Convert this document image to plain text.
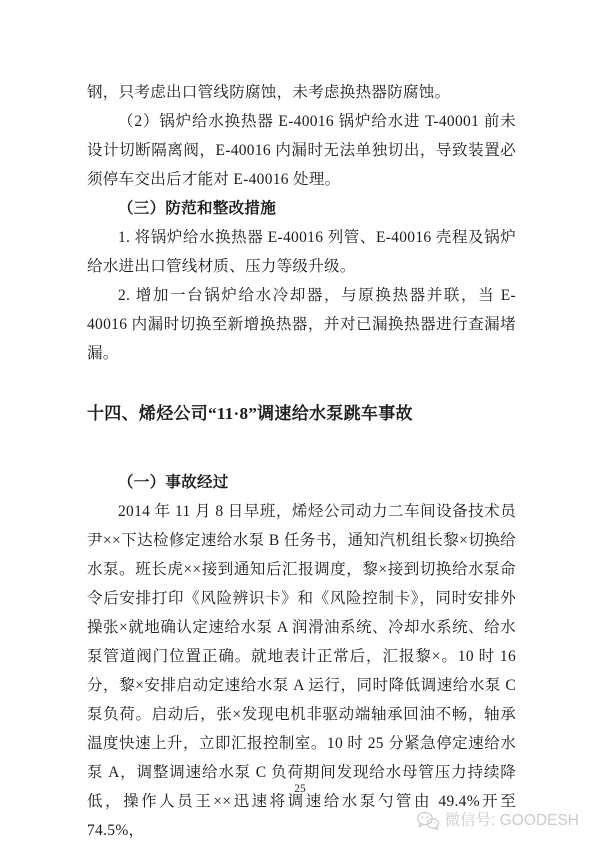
钢，只考虑出口管线防腐蚀，未考虑换热器防腐蚀。

（2）锅炉给水换热器 E-40016 锅炉给水进 T-40001 前未设计切断隔离阀，E-40016 内漏时无法单独切出，导致装置必须停车交出后才能对 E-40016 处理。

（三）防范和整改措施

1. 将锅炉给水换热器 E-40016 列管、E-40016 壳程及锅炉给水进出口管线材质、压力等级升级。

2. 增加一台锅炉给水冷却器，与原换热器并联，当 E-40016 内漏时切换至新增换热器，并对已漏换热器进行查漏堵漏。

十四、烯烃公司“11·8”调速给水泵跳车事故

（一）事故经过

2014 年 11 月 8 日早班，烯烃公司动力二车间设备技术员尹××下达检修定速给水泵 B 任务书，通知汽机组长黎×切换给水泵。班长虎××接到通知后汇报调度，黎×接到切换给水泵命令后安排打印《风险辨识卡》和《风险控制卡》，同时安排外操张×就地确认定速给水泵 A 润滑油系统、冷却水系统、给水泵管道阀门位置正确。就地表计正常后，汇报黎×。10 时 16 分，黎×安排启动定速给水泵 A 运行，同时降低调速给水泵 C 泵负荷。启动后，张×发现电机非驱动端轴承回油不畅，轴承温度快速上升，立即汇报控制室。10 时 25 分紧急停定速给水泵 A，调整调速给水泵 C 负荷期间发现给水母管压力持续降低，操作人员王××迅速将调速给水泵勺管由 49.4%开至 74.5%，

25
微信号: GOODESH
